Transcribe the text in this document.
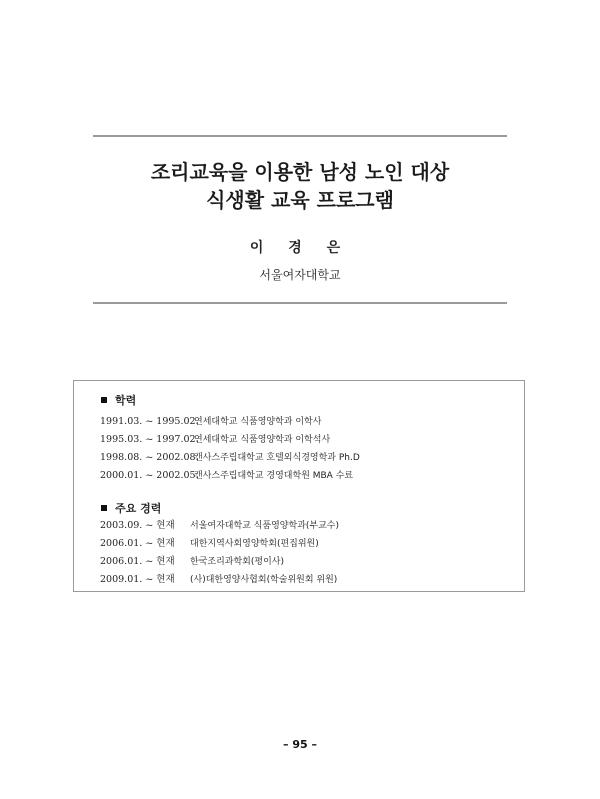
조리교육을 이용한 남성 노인 대상
식생활 교육 프로그램
이 경 은
서울여자대학교
학력
1991.03. ~ 1995.02.연세대학교 식품영양학과 이학사
1995.03. ~ 1997.02.연세대학교 식품영양학과 이학석사
1998.08. ~ 2002.08.캔사스주립대학교 호텔외식경영학과 Ph.D
2000.01. ~ 2002.05.캔사스주립대학교 경영대학원 MBA 수료
주요 경력
2003.09. ~ 현재 서울여자대학교 식품영양학과(부교수)
2006.01. ~ 현재 대한지역사회영양학회(편집위원)
2006.01. ~ 현재 한국조리과학회(평이사)
2009.01. ~ 현재 (사)대한영양사협회(학술위원회 위원)
– 95 –
